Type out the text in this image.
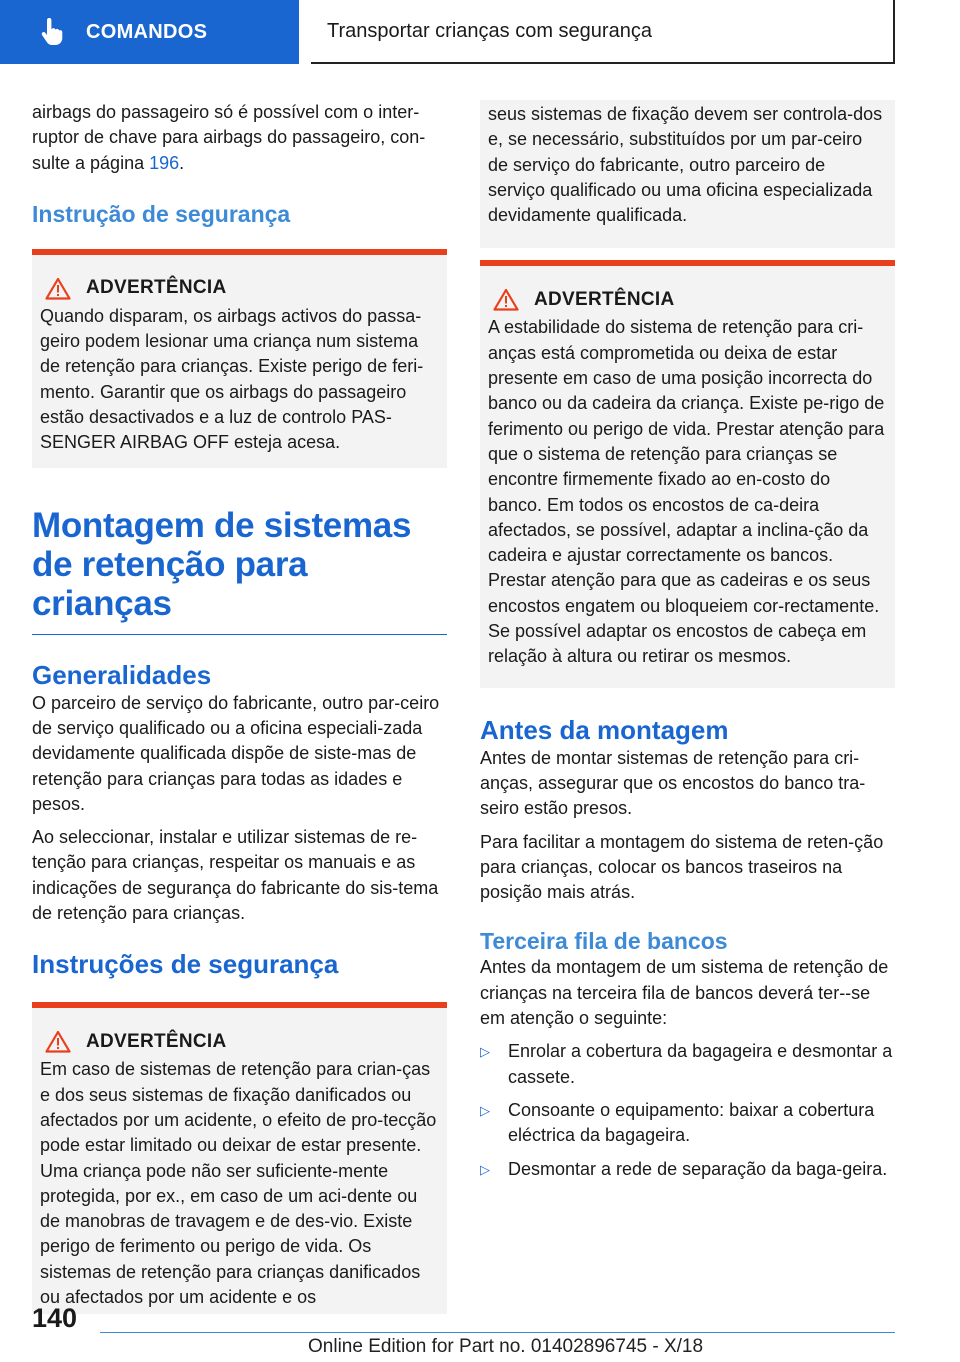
COMANDOS	Transportar crianças com segurança

airbags do passageiro só é possível com o inter‐ruptor de chave para airbags do passageiro, con‐sulte a página 196.

Instrução de segurança
ADVERTÊNCIA

Quando disparam, os airbags activos do passa‐geiro podem lesionar uma criança num sistema de retenção para crianças. Existe perigo de feri‐mento. Garantir que os airbags do passageiro estão desactivados e a luz de controlo PAS‐SENGER AIRBAG OFF esteja acesa.

Montagem de sistemas de retenção para crianças
Generalidades

O parceiro de serviço do fabricante, outro par‐ceiro de serviço qualificado ou a oficina especiali‐zada devidamente qualificada dispõe de siste‐mas de retenção para crianças para todas as idades e pesos.

Ao seleccionar, instalar e utilizar sistemas de re‐tenção para crianças, respeitar os manuais e as indicações de segurança do fabricante do sis‐tema de retenção para crianças.

Instruções de segurança
ADVERTÊNCIA

Em caso de sistemas de retenção para crian‐ças e dos seus sistemas de fixação danificados ou afectados por um acidente, o efeito de pro‐tecção pode estar limitado ou deixar de estar presente. Uma criança pode não ser suficiente‐mente protegida, por ex., em caso de um aci‐dente ou de manobras de travagem e de des‐vio. Existe perigo de ferimento ou perigo de vida. Os sistemas de retenção para crianças danificados ou afectados por um acidente e os

seus sistemas de fixação devem ser controla‐dos e, se necessário, substituídos por um par‐ceiro de serviço do fabricante, outro parceiro de serviço qualificado ou uma oficina especializada devidamente qualificada.

ADVERTÊNCIA

A estabilidade do sistema de retenção para cri‐anças está comprometida ou deixa de estar presente em caso de uma posição incorrecta do banco ou da cadeira da criança. Existe pe‐rigo de ferimento ou perigo de vida. Prestar atenção para que o sistema de retenção para crianças se encontre firmemente fixado ao en‐costo do banco. Em todos os encostos de ca‐deira afectados, se possível, adaptar a inclina‐ção da cadeira e ajustar correctamente os bancos. Prestar atenção para que as cadeiras e os seus encostos engatem ou bloqueiem cor‐rectamente. Se possível adaptar os encostos de cabeça em relação à altura ou retirar os mesmos.

Antes da montagem

Antes de montar sistemas de retenção para cri‐anças, assegurar que os encostos do banco tra‐seiro estão presos.

Para facilitar a montagem do sistema de reten‐ção para crianças, colocar os bancos traseiros na posição mais atrás.

Terceira fila de bancos

Antes da montagem de um sistema de retenção de crianças na terceira fila de bancos deverá ter‐-se em atenção o seguinte:

▷	Enrolar a cobertura da bagageira e desmontar a cassete.

▷	Consoante o equipamento: baixar a cobertura eléctrica da bagageira.

▷	Desmontar a rede de separação da baga‐geira.

140
Online Edition for Part no. 01402896745 - X/18
